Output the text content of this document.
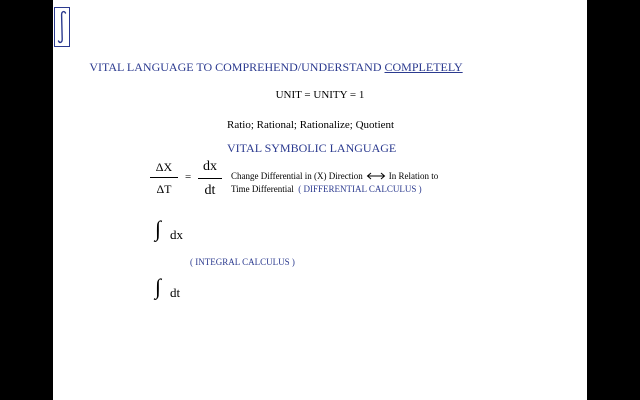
VITAL LANGUAGE TO COMPREHEND/UNDERSTAND COMPLETELY
UNIT = UNITY = 1
Ratio; Rational; Rationalize; Quotient
VITAL SYMBOLIC LANGUAGE
ΔX
ΔT
=
dx
dt
Change Differential in (X) Direction	In Relation to
Time Differential ( DIFFERENTIAL CALCULUS )
∫ dx
( INTEGRAL CALCULUS )
∫ dt
